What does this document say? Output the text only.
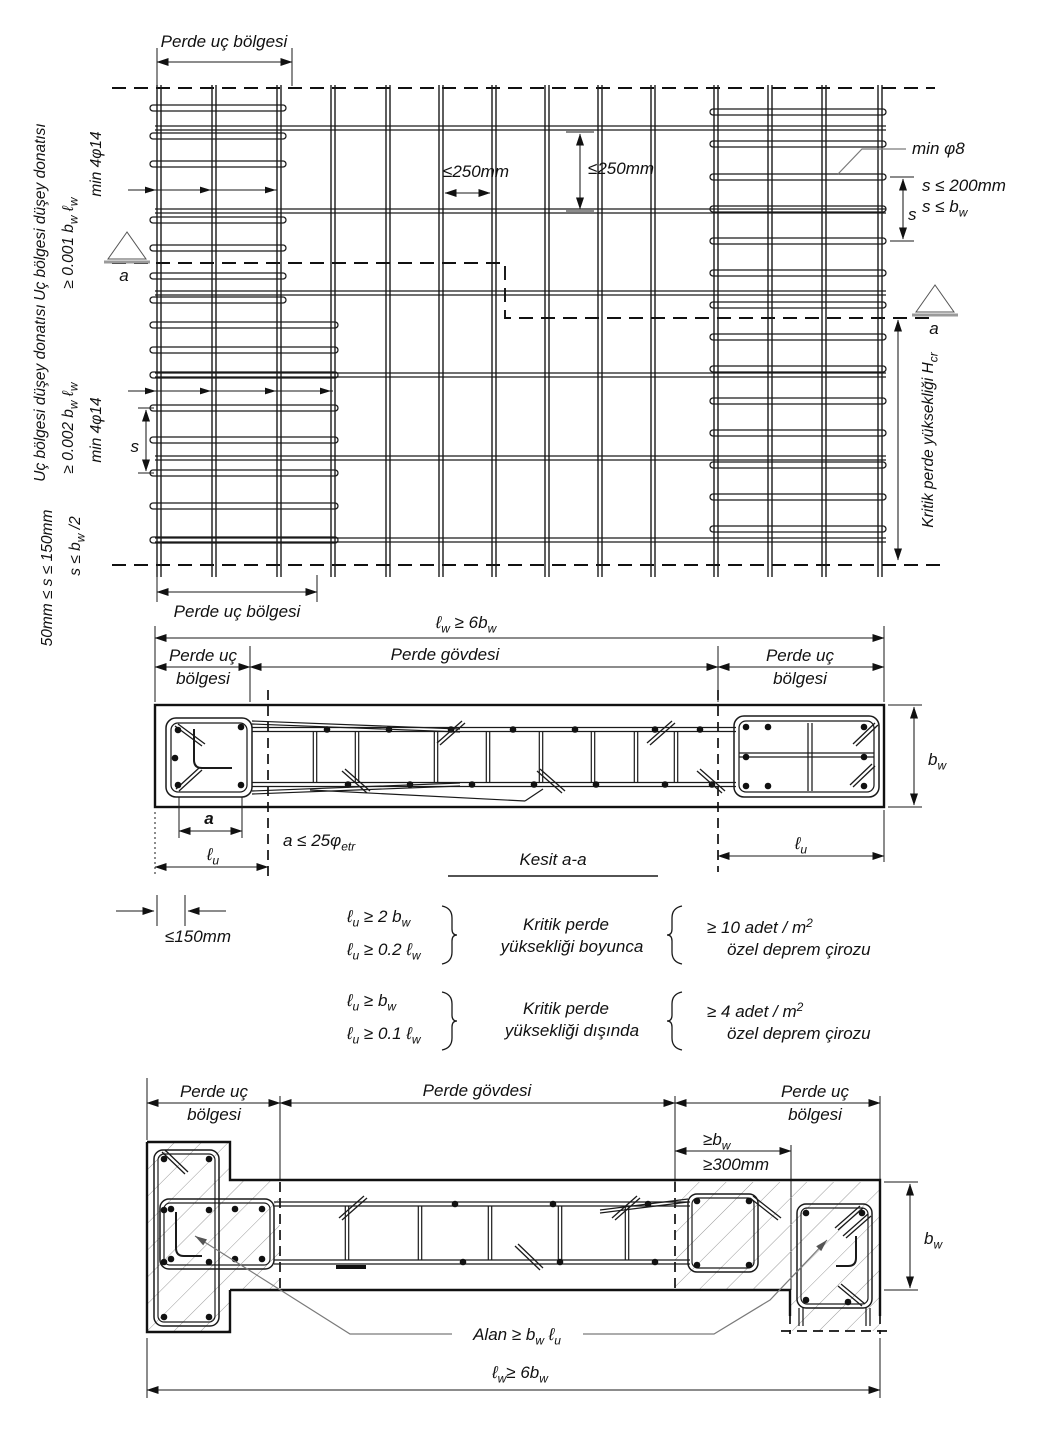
a
a
Perde uç bölgesi
Perde uç bölgesi
≤250mm	≤250mm
min φ8
s ≤ 200mm
$s \le b_w$
s
Kritik perde yüksekliği $H_{cr}$
Uç bölgesi düşey donatısı ≥ 0.001 $b_w$ ℓ$_w$
min 4φ14
Uç bölgesi düşey donatısı ≥ 0.002 $b_w$ ℓ$_w$
min 4φ14
50mm ≤ s ≤ 150mm $s \le b_w$ /2
s
ℓ$_w$ ≥ $6b_w$
Perde uç
bölgesi
Perde gövdesi	Perde uç
bölgesi
$b_w$
a
ℓ$_u$
$a \le 25\varphi_{etr}$	ℓ$_u$
Kesit a-a
≤150mm
ℓ$_u$ ≥ 2 $b_w$
ℓ$_u$ ≥ 0.2 ℓ$_w$
Kritik perde
yüksekliği boyunca
≥ 10 adet / $m^2$
özel deprem çirozu
ℓ$_u$ ≥ $b_w$
ℓ$_u$ ≥ 0.1 ℓ$_w$
Kritik perde
yüksekliği dışında
≥ 4 adet / $m^2$
özel deprem çirozu
Perde uç
bölgesi
Perde gövdesi	Perde uç
bölgesi
$\ge b_w$
≥300mm
$b_w$
Alan ≥ $b_w$ ℓ$_u$
ℓ$_w$≥ $6b_w$
